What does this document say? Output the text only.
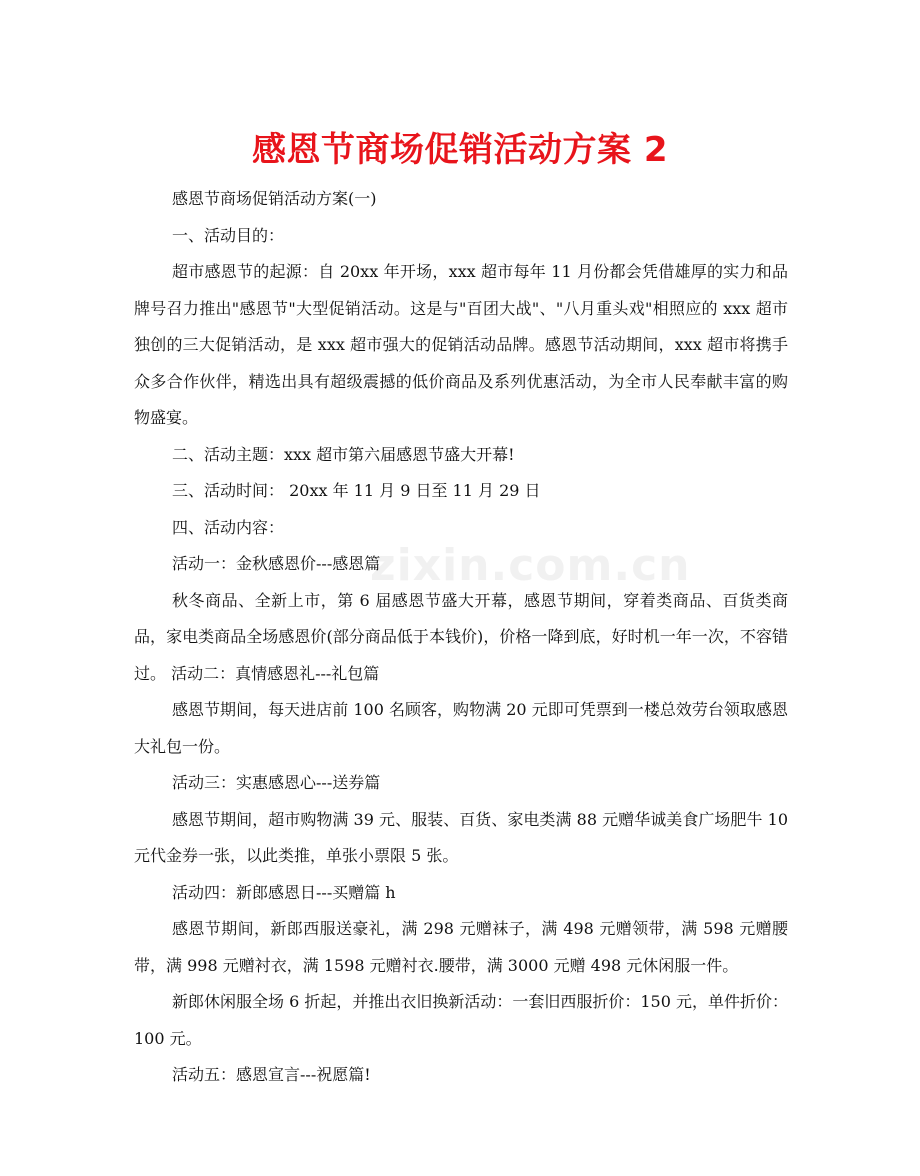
zixin.com.cn
感恩节商场促销活动方案 2

感恩节商场促销活动方案(一)

一、活动目的：

超市感恩节的起源：自 20xx 年开场，xxx 超市每年 11 月份都会凭借雄厚的实力和品牌号召力推出"感恩节"大型促销活动。这是与"百团大战"、"八月重头戏"相照应的 xxx 超市独创的三大促销活动，是 xxx 超市强大的促销活动品牌。感恩节活动期间，xxx 超市将携手众多合作伙伴，精选出具有超级震撼的低价商品及系列优惠活动，为全市人民奉献丰富的购物盛宴。

二、活动主题：xxx 超市第六届感恩节盛大开幕!

三、活动时间： 20xx 年 11 月 9 日至 11 月 29 日

四、活动内容：

活动一：金秋感恩价---感恩篇

秋冬商品、全新上市，第 6 届感恩节盛大开幕，感恩节期间，穿着类商品、百货类商品，家电类商品全场感恩价(部分商品低于本钱价)，价格一降到底，好时机一年一次，不容错过。 活动二：真情感恩礼---礼包篇

感恩节期间，每天进店前 100 名顾客，购物满 20 元即可凭票到一楼总效劳台领取感恩大礼包一份。

活动三：实惠感恩心---送券篇

感恩节期间，超市购物满 39 元、服装、百货、家电类满 88 元赠华诚美食广场肥牛 10 元代金券一张，以此类推，单张小票限 5 张。

活动四：新郎感恩日---买赠篇 h

感恩节期间，新郎西服送豪礼，满 298 元赠袜子，满 498 元赠领带，满 598 元赠腰带，满 998 元赠衬衣，满 1598 元赠衬衣.腰带，满 3000 元赠 498 元休闲服一件。

新郎休闲服全场 6 折起，并推出衣旧换新活动：一套旧西服折价：150 元，单件折价：100 元。

活动五：感恩宣言---祝愿篇!
